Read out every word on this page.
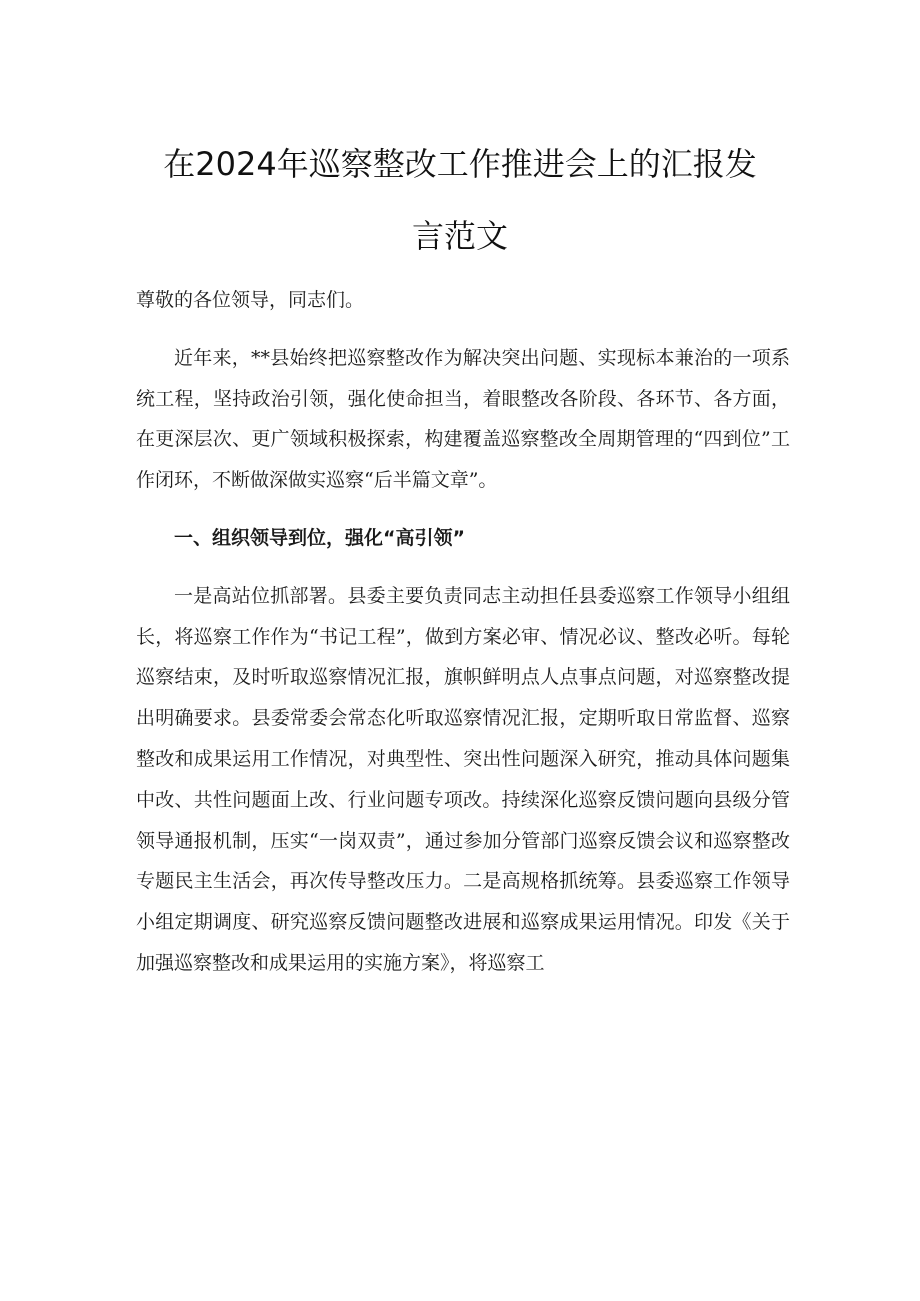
在2024年巡察整改工作推进会上的汇报发
言范文

尊敬的各位领导，同志们。

近年来，**县始终把巡察整改作为解决突出问题、实现标本兼治的一项系统工程，坚持政治引领，强化使命担当，着眼整改各阶段、各环节、各方面，在更深层次、更广领域积极探索，构建覆盖巡察整改全周期管理的“四到位”工作闭环，不断做深做实巡察“后半篇文章”。

一、组织领导到位，强化“高引领”

一是高站位抓部署。县委主要负责同志主动担任县委巡察工作领导小组组长，将巡察工作作为“书记工程”，做到方案必审、情况必议、整改必听。每轮巡察结束，及时听取巡察情况汇报，旗帜鲜明点人点事点问题，对巡察整改提出明确要求。县委常委会常态化听取巡察情况汇报，定期听取日常监督、巡察整改和成果运用工作情况，对典型性、突出性问题深入研究，推动具体问题集中改、共性问题面上改、行业问题专项改。持续深化巡察反馈问题向县级分管领导通报机制，压实“一岗双责”，通过参加分管部门巡察反馈会议和巡察整改专题民主生活会，再次传导整改压力。二是高规格抓统筹。县委巡察工作领导小组定期调度、研究巡察反馈问题整改进展和巡察成果运用情况。印发《关于加强巡察整改和成果运用的实施方案》，将巡察工
